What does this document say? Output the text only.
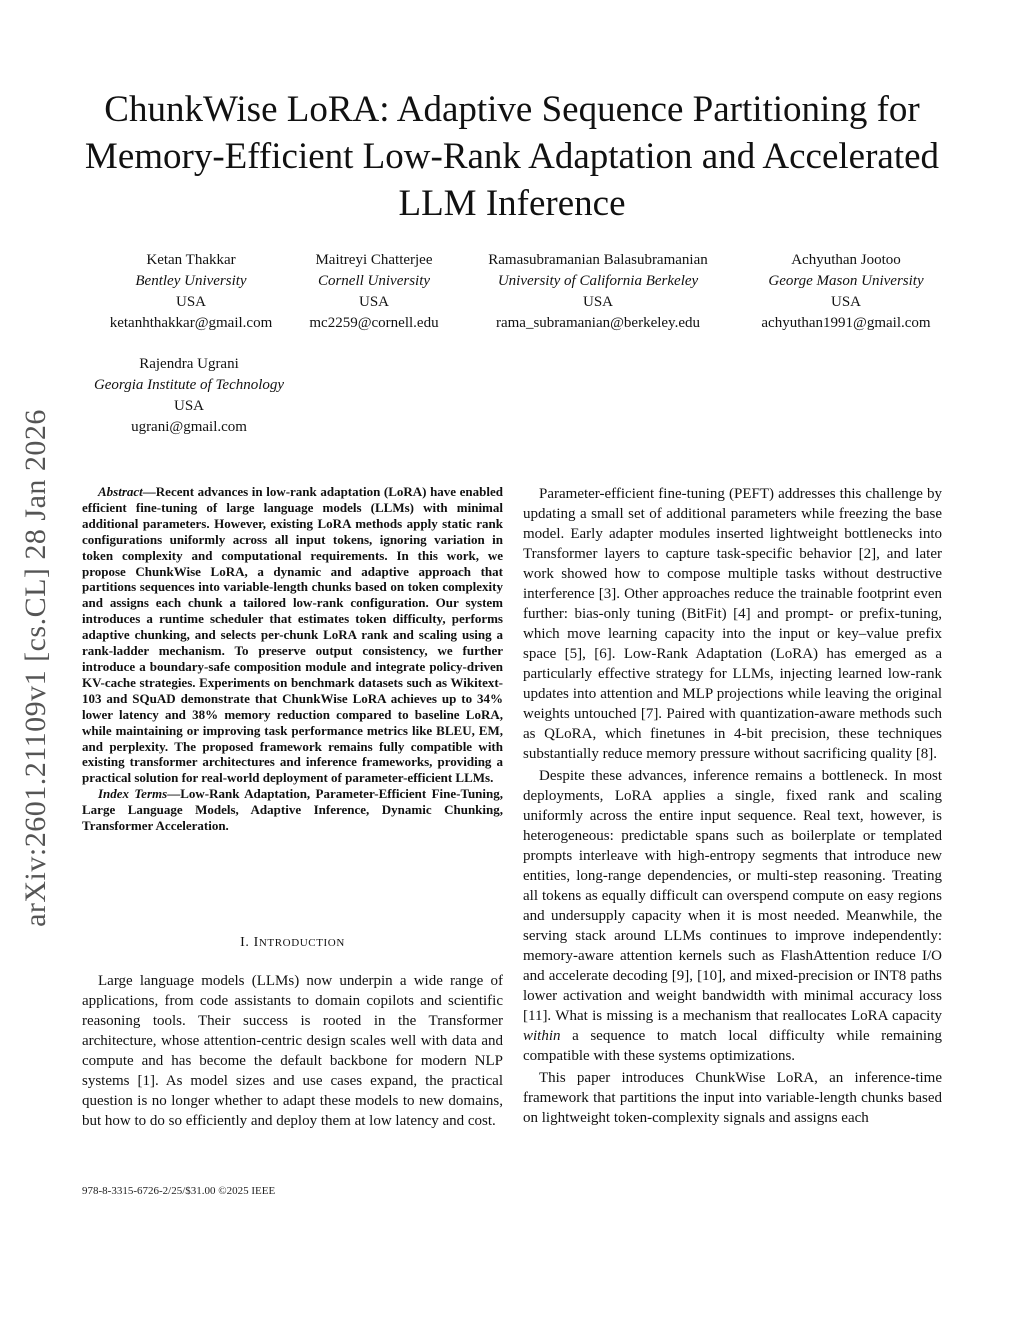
arXiv:2601.21109v1 [cs.CL] 28 Jan 2026
ChunkWise LoRA: Adaptive Sequence Partitioning for Memory-Efficient Low-Rank Adaptation and Accelerated LLM Inference
Ketan Thakkar
Bentley University
USA
ketanhthakkar@gmail.com
Maitreyi Chatterjee
Cornell University
USA
mc2259@cornell.edu
Ramasubramanian Balasubramanian
University of California Berkeley
USA
rama_subramanian@berkeley.edu
Achyuthan Jootoo
George Mason University
USA
achyuthan1991@gmail.com
Rajendra Ugrani
Georgia Institute of Technology
USA
ugrani@gmail.com

Abstract—Recent advances in low-rank adaptation (LoRA) have enabled efficient fine-tuning of large language models (LLMs) with minimal additional parameters. However, existing LoRA methods apply static rank configurations uniformly across all input tokens, ignoring variation in token complexity and computational requirements. In this work, we propose ChunkWise LoRA, a dynamic and adaptive approach that partitions sequences into variable-length chunks based on token complexity and assigns each chunk a tailored low-rank configuration. Our system introduces a runtime scheduler that estimates token difficulty, performs adaptive chunking, and selects per-chunk LoRA rank and scaling using a rank-ladder mechanism. To preserve output consistency, we further introduce a boundary-safe composition module and integrate policy-driven KV-cache strategies. Experiments on benchmark datasets such as Wikitext-103 and SQuAD demonstrate that ChunkWise LoRA achieves up to 34% lower latency and 38% memory reduction compared to baseline LoRA, while maintaining or improving task performance metrics like BLEU, EM, and perplexity. The proposed framework remains fully compatible with existing transformer architectures and inference frameworks, providing a practical solution for real-world deployment of parameter-efficient LLMs.

Index Terms—Low-Rank Adaptation, Parameter-Efficient Fine-Tuning, Large Language Models, Adaptive Inference, Dynamic Chunking, Transformer Acceleration.

I. INTRODUCTION

Large language models (LLMs) now underpin a wide range of applications, from code assistants to domain copilots and scientific reasoning tools. Their success is rooted in the Transformer architecture, whose attention-centric design scales well with data and compute and has become the default backbone for modern NLP systems [1]. As model sizes and use cases expand, the practical question is no longer whether to adapt these models to new domains, but how to do so efficiently and deploy them at low latency and cost.

Parameter-efficient fine-tuning (PEFT) addresses this challenge by updating a small set of additional parameters while freezing the base model. Early adapter modules inserted lightweight bottlenecks into Transformer layers to capture task-specific behavior [2], and later work showed how to compose multiple tasks without destructive interference [3]. Other approaches reduce the trainable footprint even further: bias-only tuning (BitFit) [4] and prompt- or prefix-tuning, which move learning capacity into the input or key–value prefix space [5], [6]. Low-Rank Adaptation (LoRA) has emerged as a particularly effective strategy for LLMs, injecting learned low-rank updates into attention and MLP projections while leaving the original weights untouched [7]. Paired with quantization-aware methods such as QLoRA, which finetunes in 4-bit precision, these techniques substantially reduce memory pressure without sacrificing quality [8].

Despite these advances, inference remains a bottleneck. In most deployments, LoRA applies a single, fixed rank and scaling uniformly across the entire input sequence. Real text, however, is heterogeneous: predictable spans such as boilerplate or templated prompts interleave with high-entropy segments that introduce new entities, long-range dependencies, or multi-step reasoning. Treating all tokens as equally difficult can overspend compute on easy regions and undersupply capacity when it is most needed. Meanwhile, the serving stack around LLMs continues to improve independently: memory-aware attention kernels such as FlashAttention reduce I/O and accelerate decoding [9], [10], and mixed-precision or INT8 paths lower activation and weight bandwidth with minimal accuracy loss [11]. What is missing is a mechanism that reallocates LoRA capacity within a sequence to match local difficulty while remaining compatible with these systems optimizations.

This paper introduces ChunkWise LoRA, an inference-time framework that partitions the input into variable-length chunks based on lightweight token-complexity signals and assigns each

978-8-3315-6726-2/25/$31.00 ©2025 IEEE
